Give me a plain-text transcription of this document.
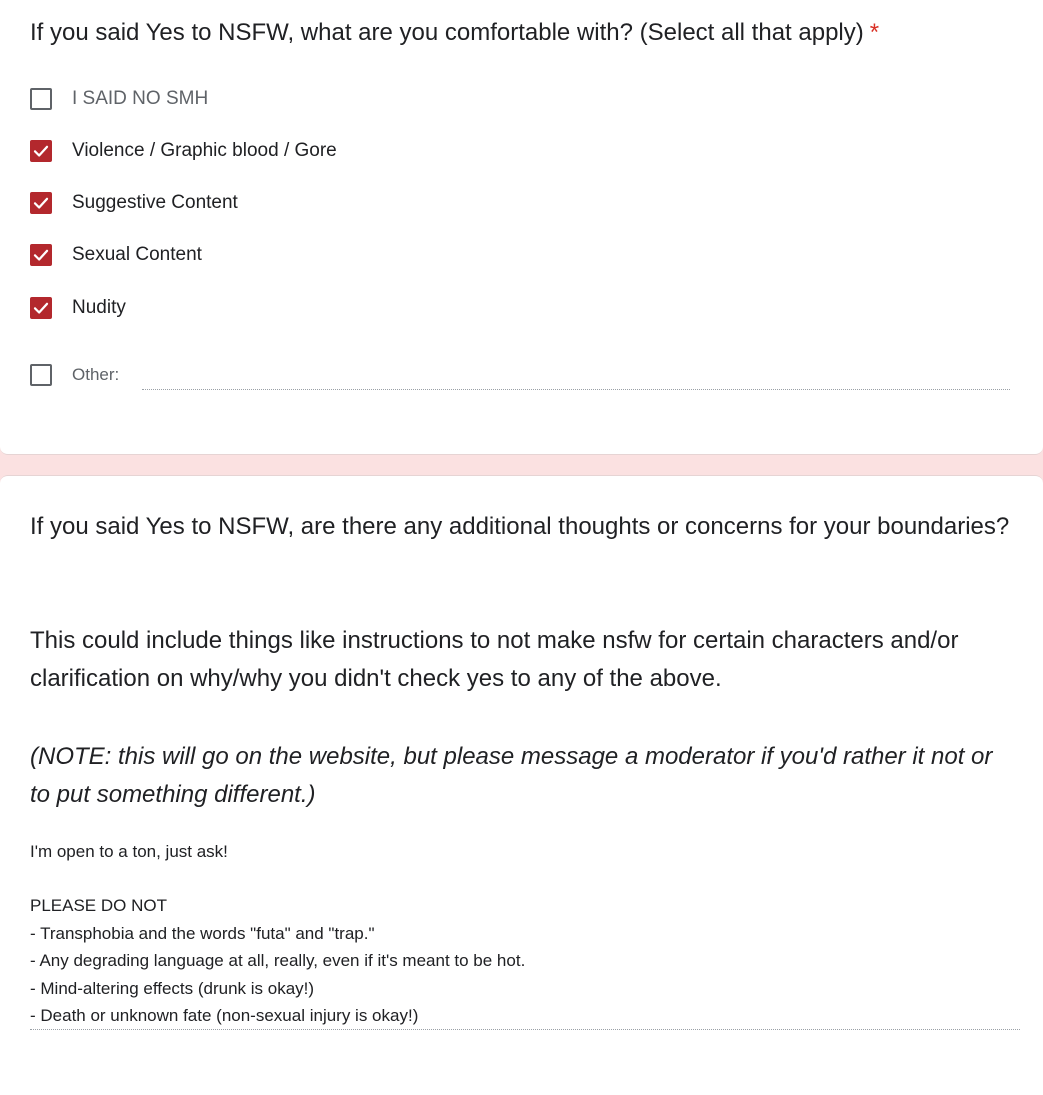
If you said Yes to NSFW, what are you comfortable with? (Select all that apply) *
I SAID NO SMH
Violence / Graphic blood / Gore
Suggestive Content
Sexual Content
Nudity
Other:

If you said Yes to NSFW, are there any additional thoughts or concerns for your boundaries?

This could include things like instructions to not make nsfw for certain characters and/or clarification on why/why you didn't check yes to any of the above.

(NOTE: this will go on the website, but please message a moderator if you'd rather it not or to put something different.)

I'm open to a ton, just ask!
PLEASE DO NOT
- Transphobia and the words "futa" and "trap."
- Any degrading language at all, really, even if it's meant to be hot.
- Mind-altering effects (drunk is okay!)
- Death or unknown fate (non-sexual injury is okay!)
